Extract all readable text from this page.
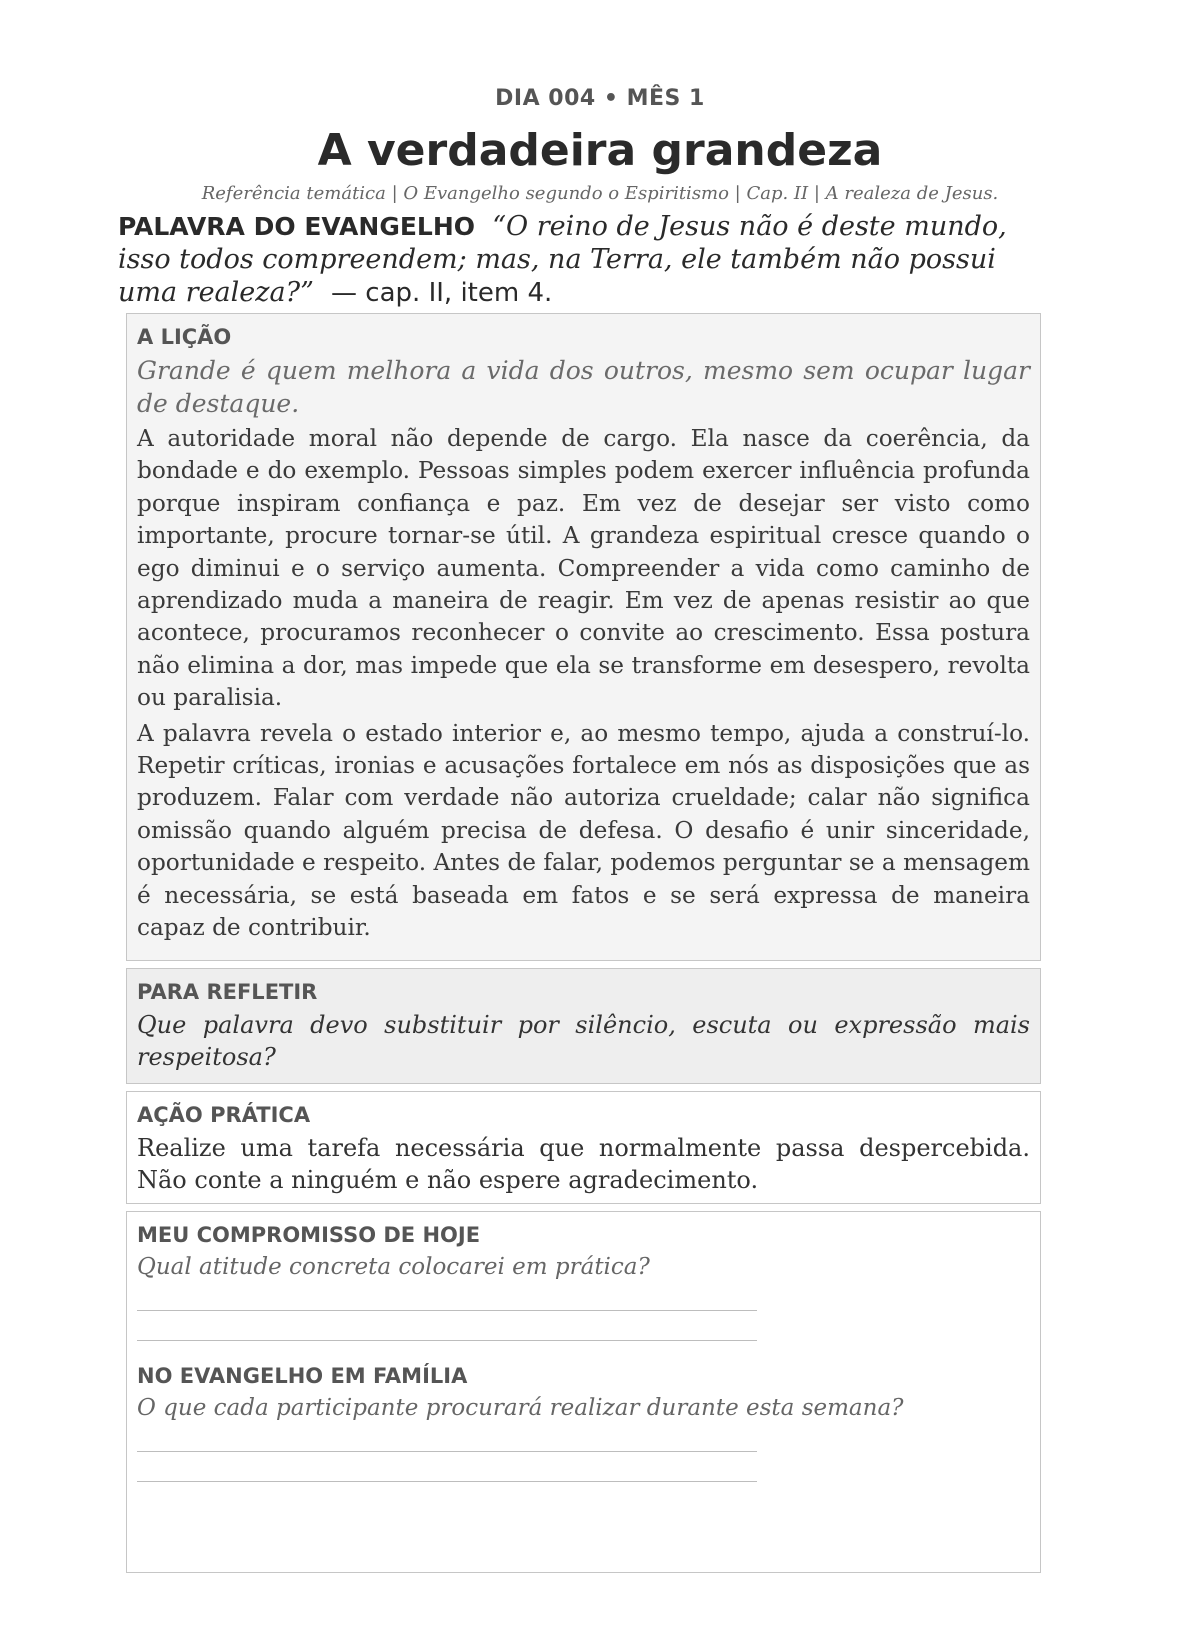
DIA 004 • MÊS 1
A verdadeira grandeza
Referência temática | O Evangelho segundo o Espiritismo | Cap. II | A realeza de Jesus.
PALAVRA DO EVANGELHO “O reino de Jesus não é deste mundo, isso todos compreendem; mas, na Terra, ele também não possui uma realeza?” — cap. II, item 4.
A LIÇÃO

Grande é quem melhora a vida dos outros, mesmo sem ocupar lugar de destaque.

A autoridade moral não depende de cargo. Ela nasce da coerência, da bondade e do exemplo. Pessoas simples podem exercer influência profunda porque inspiram confiança e paz. Em vez de desejar ser visto como importante, procure tornar-se útil. A grandeza espiritual cresce quando o ego diminui e o serviço aumenta. Compreender a vida como caminho de aprendizado muda a maneira de reagir. Em vez de apenas resistir ao que acontece, procuramos reconhecer o convite ao crescimento. Essa postura não elimina a dor, mas impede que ela se transforme em desespero, revolta ou paralisia.

A palavra revela o estado interior e, ao mesmo tempo, ajuda a construí-lo. Repetir críticas, ironias e acusações fortalece em nós as disposições que as produzem. Falar com verdade não autoriza crueldade; calar não significa omissão quando alguém precisa de defesa. O desafio é unir sinceridade, oportunidade e respeito. Antes de falar, podemos perguntar se a mensagem é necessária, se está baseada em fatos e se será expressa de maneira capaz de contribuir.

PARA REFLETIR

Que palavra devo substituir por silêncio, escuta ou expressão mais respeitosa?

AÇÃO PRÁTICA

Realize uma tarefa necessária que normalmente passa despercebida. Não conte a ninguém e não espere agradecimento.

MEU COMPROMISSO DE HOJE

Qual atitude concreta colocarei em prática?

NO EVANGELHO EM FAMÍLIA

O que cada participante procurará realizar durante esta semana?
